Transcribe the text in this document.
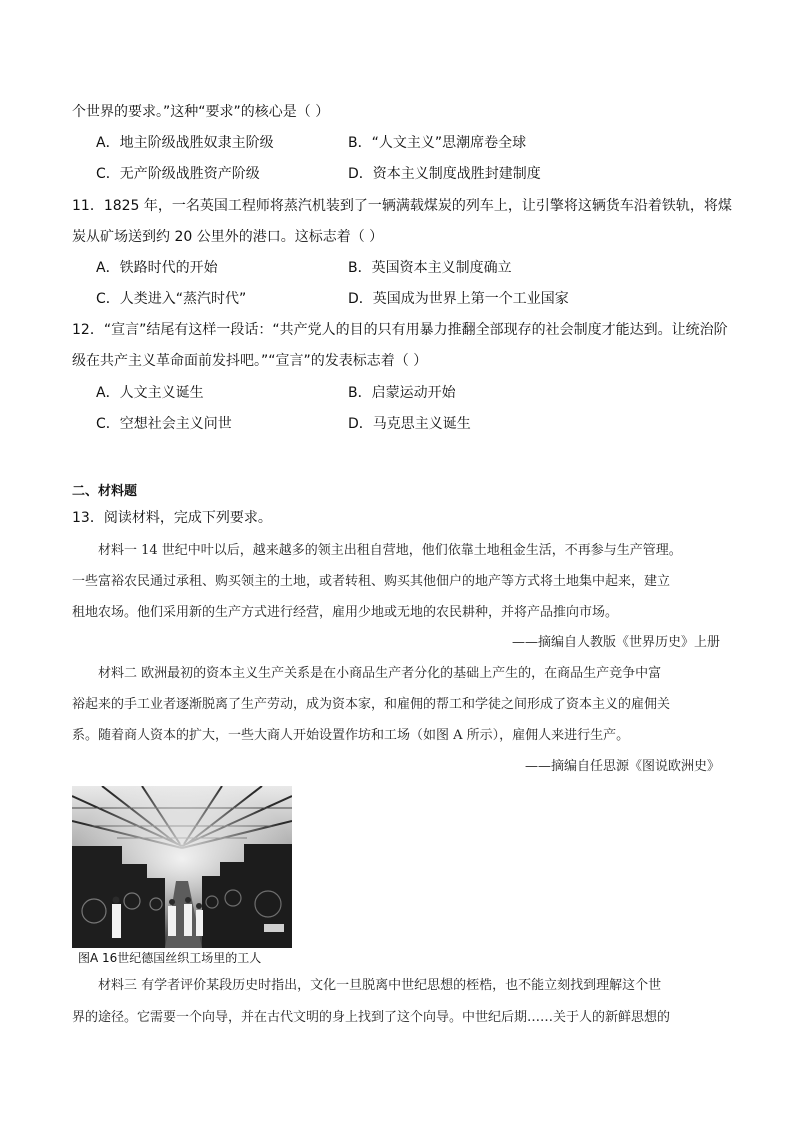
个世界的要求。”这种“要求”的核心是（ ）
A．地主阶级战胜奴隶主阶级	B．“人文主义”思潮席卷全球
C．无产阶级战胜资产阶级	D．资本主义制度战胜封建制度
11．1825 年，一名英国工程师将蒸汽机装到了一辆满载煤炭的列车上，让引擎将这辆货车沿着铁轨，将煤
炭从矿场送到约 20 公里外的港口。这标志着（ ）
A．铁路时代的开始	B．英国资本主义制度确立
C．人类进入“蒸汽时代”	D．英国成为世界上第一个工业国家
12．“宣言”结尾有这样一段话：“共产党人的目的只有用暴力推翻全部现存的社会制度才能达到。让统治阶
级在共产主义革命面前发抖吧。”“宣言”的发表标志着（ ）
A．人文主义诞生	B．启蒙运动开始
C．空想社会主义问世	D．马克思主义诞生
二、材料题
13．阅读材料，完成下列要求。
材料一 14 世纪中叶以后，越来越多的领主出租自营地，他们依靠土地租金生活，不再参与生产管理。
一些富裕农民通过承租、购买领主的土地，或者转租、购买其他佃户的地产等方式将土地集中起来，建立
租地农场。他们采用新的生产方式进行经营，雇用少地或无地的农民耕种，并将产品推向市场。
——摘编自人教版《世界历史》上册
材料二 欧洲最初的资本主义生产关系是在小商品生产者分化的基础上产生的，在商品生产竞争中富
裕起来的手工业者逐渐脱离了生产劳动，成为资本家，和雇佣的帮工和学徒之间形成了资本主义的雇佣关
系。随着商人资本的扩大，一些大商人开始设置作坊和工场（如图 A 所示），雇佣人来进行生产。
——摘编自任思源《图说欧洲史》
图A 16世纪德国丝织工场里的工人
材料三 有学者评价某段历史时指出，文化一旦脱离中世纪思想的桎梏，也不能立刻找到理解这个世
界的途径。它需要一个向导，并在古代文明的身上找到了这个向导。中世纪后期……关于人的新鲜思想的
